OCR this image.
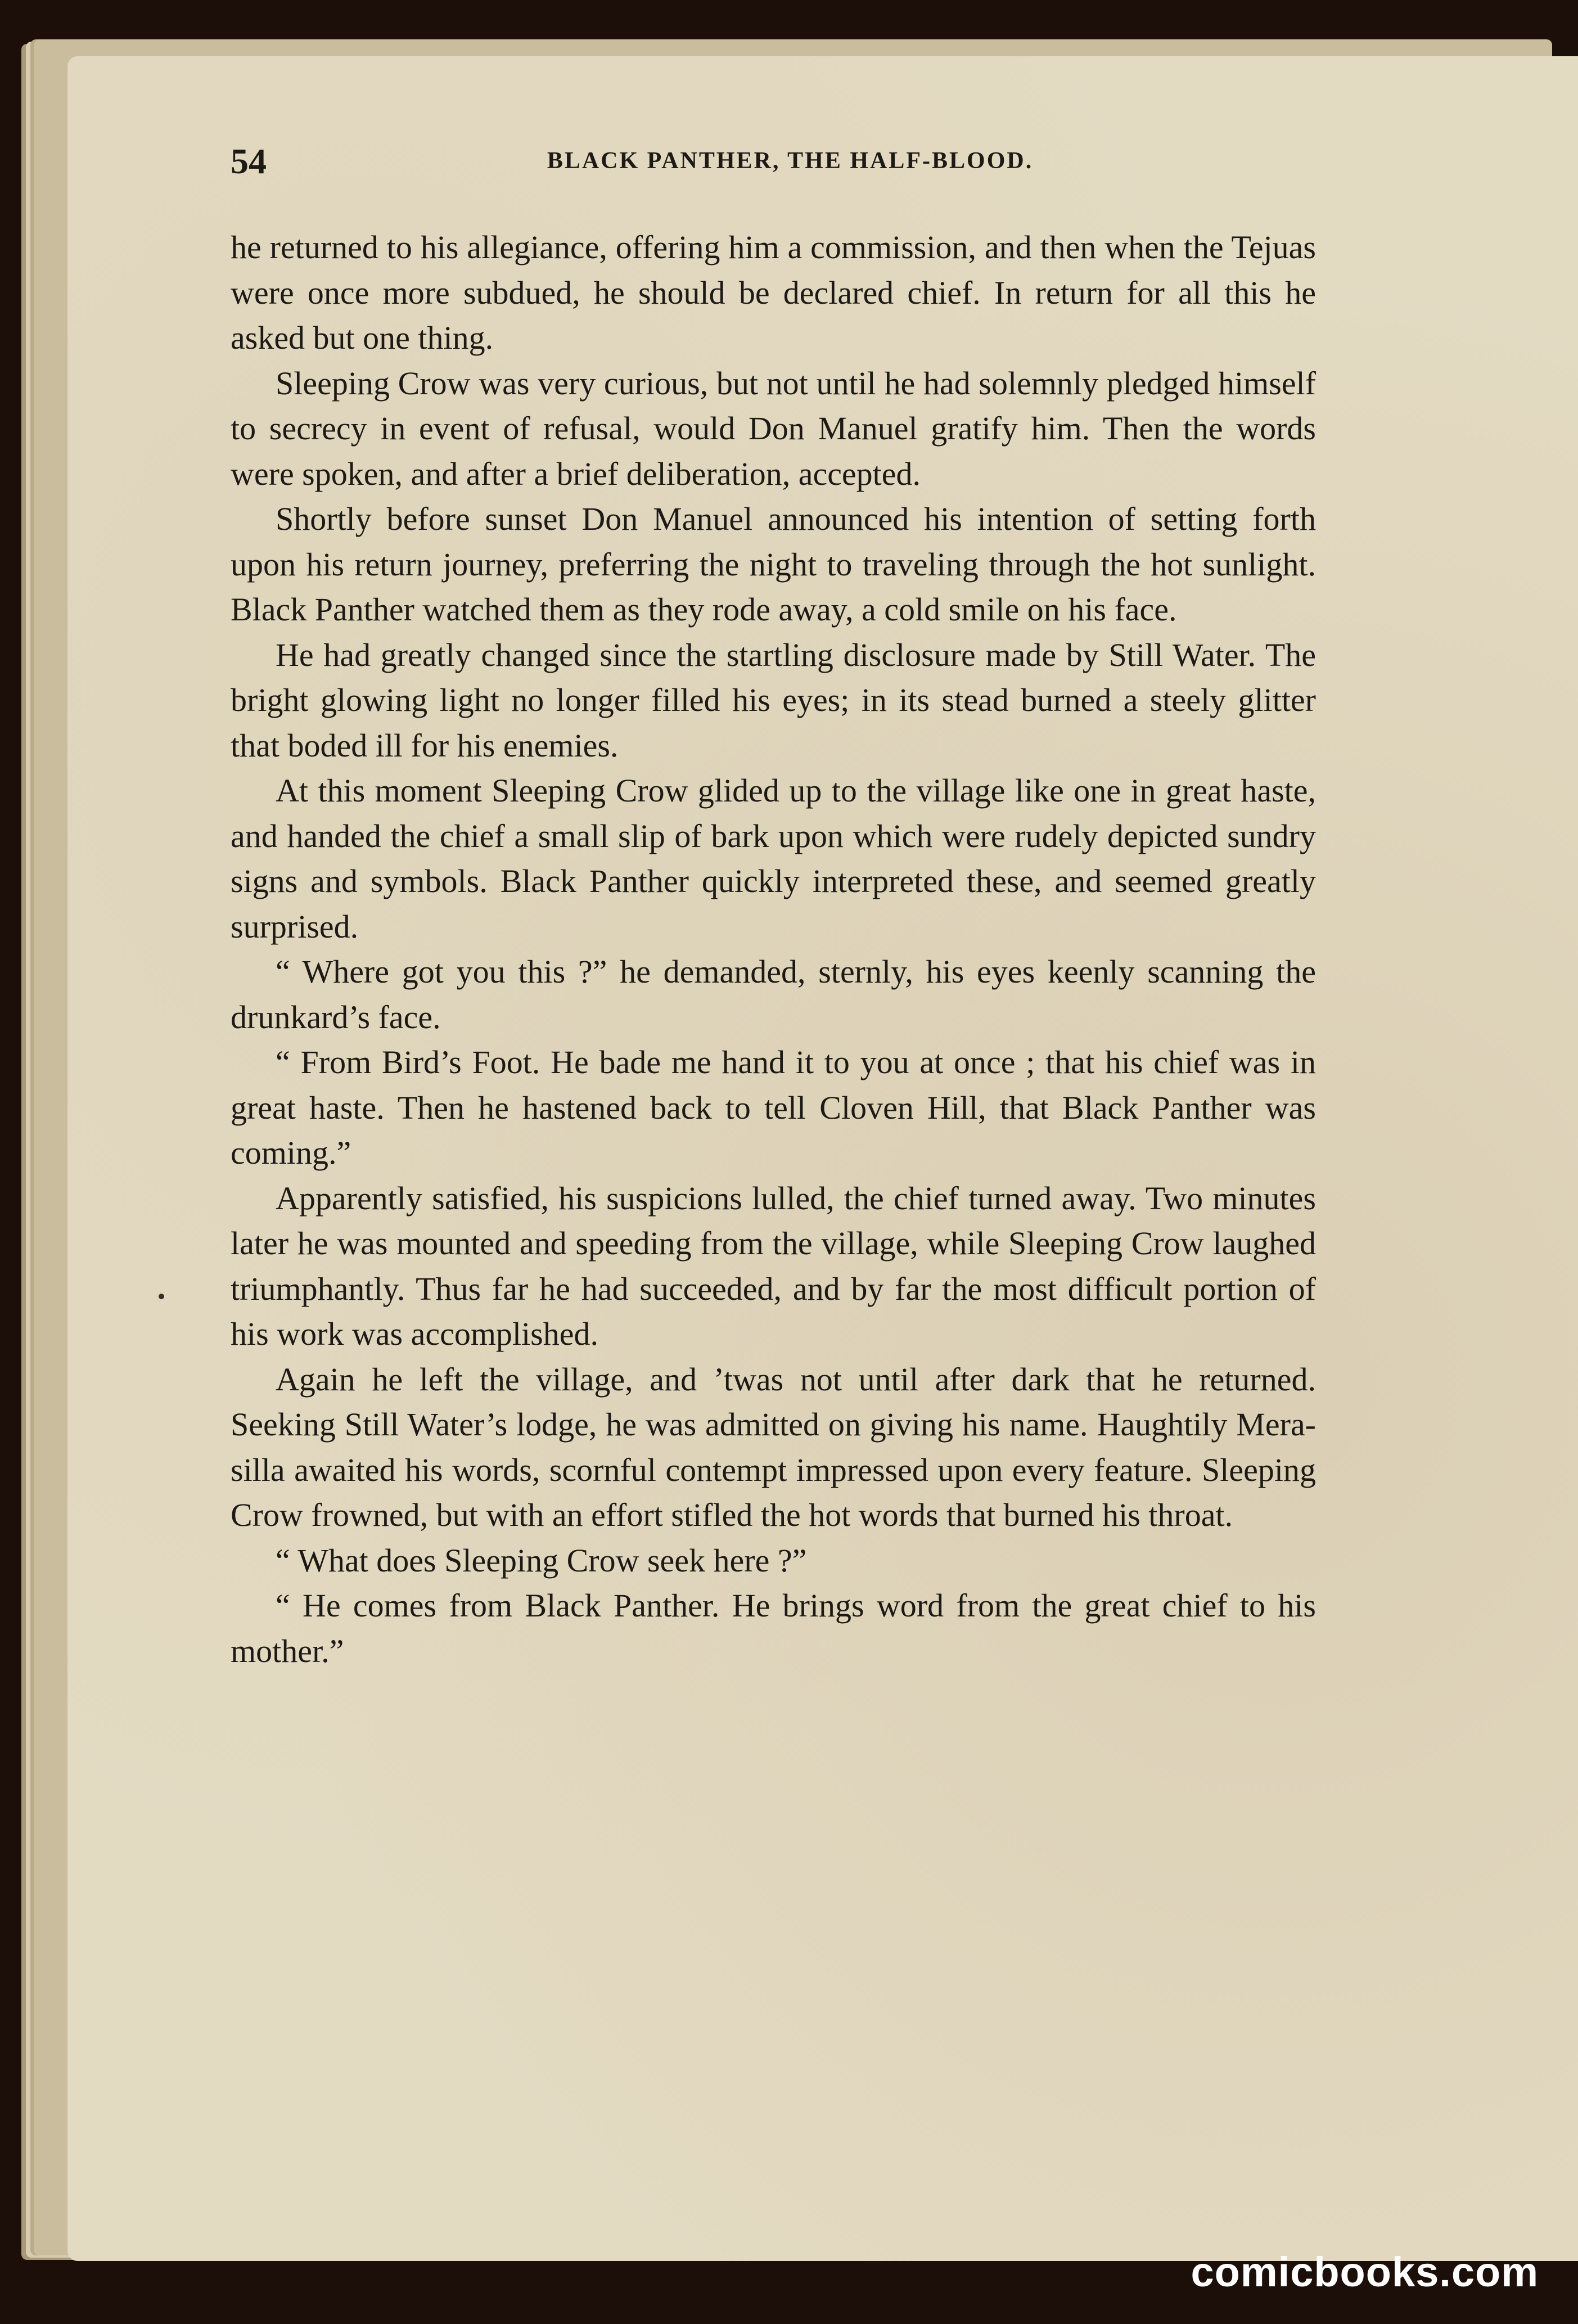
54	BLACK PANTHER, THE HALF-BLOOD.

he returned to his allegiance, offering him a commission, and then when the Tejuas were once more subdued, he should be declared chief. In return for all this he asked but one thing.

Sleeping Crow was very curious, but not until he had solemnly pledged himself to secrecy in event of refusal, would Don Manuel gratify him. Then the words were spoken, and after a brief deliberation, accepted.

Shortly before sunset Don Manuel announced his intention of setting forth upon his return journey, preferring the night to traveling through the hot sunlight. Black Panther watched them as they rode away, a cold smile on his face.

He had greatly changed since the startling disclosure made by Still Water. The bright glowing light no longer filled his eyes; in its stead burned a steely glitter that boded ill for his enemies.

At this moment Sleeping Crow glided up to the village like one in great haste, and handed the chief a small slip of bark upon which were rudely depicted sundry signs and symbols. Black Panther quickly interpreted these, and seemed greatly surprised.

“ Where got you this ?” he demanded, sternly, his eyes keenly scanning the drunkard’s face.

“ From Bird’s Foot. He bade me hand it to you at once ; that his chief was in great haste. Then he hastened back to tell Cloven Hill, that Black Panther was coming.”

Apparently satisfied, his suspicions lulled, the chief turned away. Two minutes later he was mounted and speeding from the village, while Sleeping Crow laughed triumphantly. Thus far he had succeeded, and by far the most difficult portion of his work was accomplished.

Again he left the village, and ’twas not until after dark that he returned. Seeking Still Water’s lodge, he was admitted on giving his name. Haughtily Mera-silla awaited his words, scornful contempt impressed upon every feature. Sleeping Crow frowned, but with an effort stifled the hot words that burned his throat.

“ What does Sleeping Crow seek here ?”

“ He comes from Black Panther. He brings word from the great chief to his mother.”

comicbooks.com
